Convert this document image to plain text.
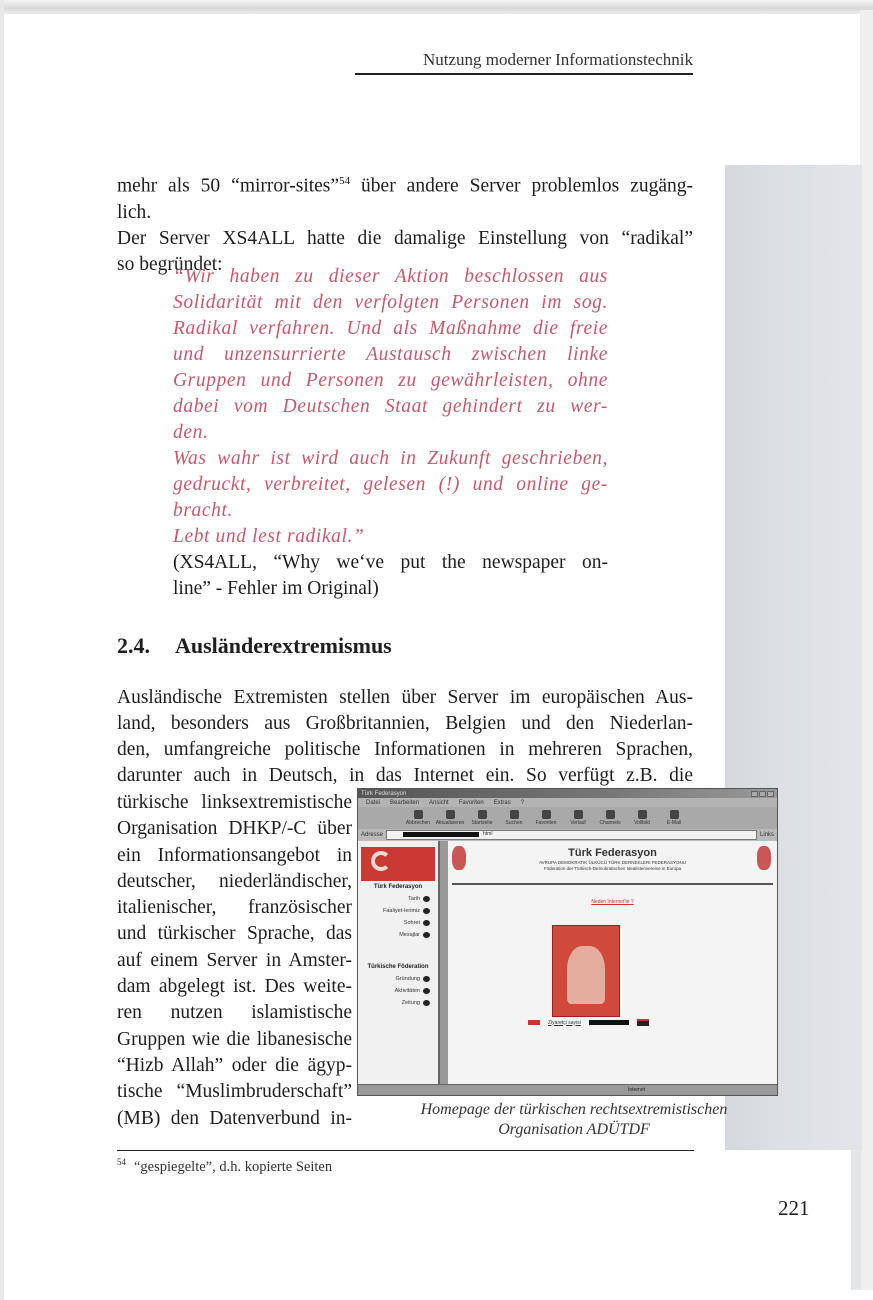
Nutzung moderner Informationstechnik
mehr als 50 “mirror-sites”$^{54}$ über andere Server problemlos zugäng-
lich.
Der Server XS4ALL hatte die damalige Einstellung von “radikal”
so begründet:
“Wir haben zu dieser Aktion beschlossen aus
Solidarität mit den verfolgten Personen im sog.
Radikal verfahren. Und als Maßnahme die freie
und unzensurrierte Austausch zwischen linke
Gruppen und Personen zu gewährleisten, ohne
dabei vom Deutschen Staat gehindert zu wer-
den.
Was wahr ist wird auch in Zukunft geschrieben,
gedruckt, verbreitet, gelesen (!) und online ge-
bracht.
Lebt und lest radikal.”
(XS4ALL, “Why we‘ve put the newspaper on-
line” - Fehler im Original)
2.4. Ausländerextremismus
Ausländische Extremisten stellen über Server im europäischen Aus-
land, besonders aus Großbritannien, Belgien und den Niederlan-
den, umfangreiche politische Informationen in mehreren Sprachen,
darunter auch in Deutsch, in das Internet ein. So verfügt z.B. die
türkische linksextremistische
Organisation DHKP/-C über
ein Informationsangebot in
deutscher, niederländischer,
italienischer, französischer
und türkischer Sprache, das
auf einem Server in Amster-
dam abgelegt ist. Des weite-
ren nutzen islamistische
Gruppen wie die libanesische
“Hizb Allah” oder die ägyp-
tische “Muslimbruderschaft”
(MB) den Datenverbund in-
Türk Federasyon
Datei Bearbeiten Ansicht Favoriten Extras ?
Abbrechen Aktualisieren Startseite	Suchen	Favoriten	Verlauf	Channels	Vollbild	E-Mail
Adresse	html	Links
Türk Federasyon
Tarih
Faaliyet-lerimiz
Sohret
Mesajlar
Türkische Föderation
Gründung
Aktivitäten
Zeitung
Türk Federasyon
AVRUPA DEMOKRATIK ÜLKÜCÜ TÜRK DERNEKLERI FEDERASYONU
Föderation der Türkisch-Demokratischen Idealistenvereine in Europa
Neden Internet'te ?
Ziyaretçi sayisi
Internet
Homepage der türkischen rechtsextremistischen
Organisation ADÜTDF
$^{54}$ “gespiegelte”, d.h. kopierte Seiten
221
